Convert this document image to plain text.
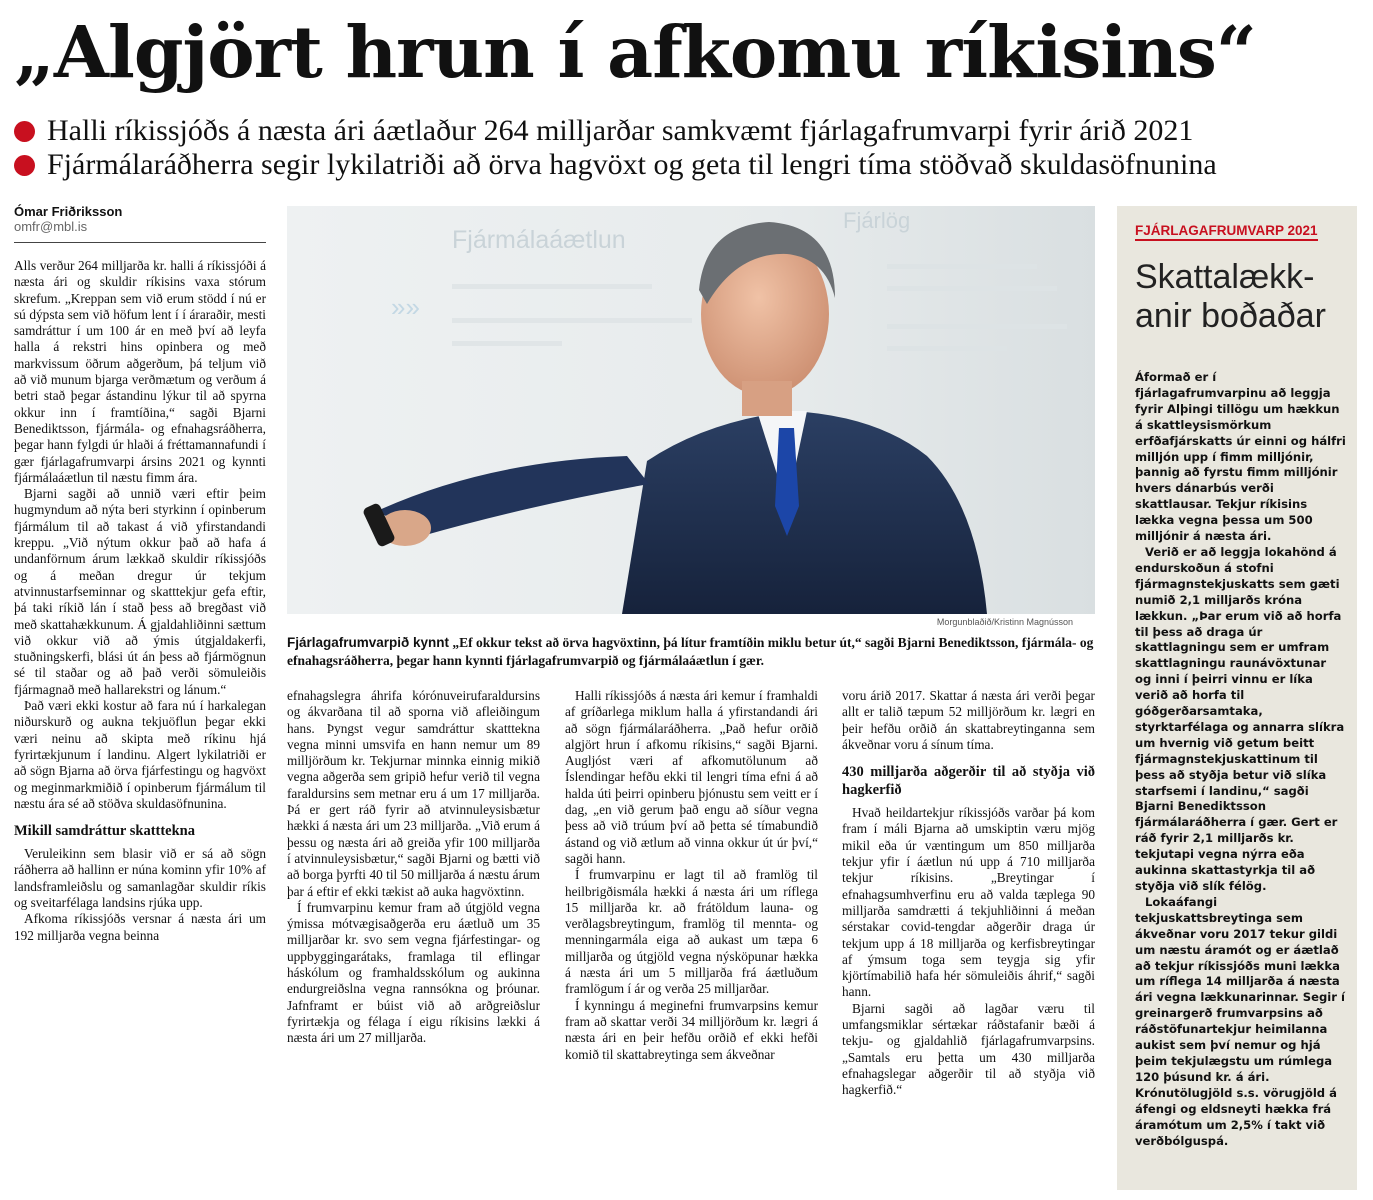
„Algjört hrun í afkomu ríkisins“
Halli ríkissjóðs á næsta ári áætlaður 264 milljarðar samkvæmt fjárlagafrumvarpi fyrir árið 2021
Fjármálaráðherra segir lykilatriði að örva hagvöxt og geta til lengri tíma stöðvað skuldasöfnunina
Ómar Friðriksson
omfr@mbl.is

Alls verður 264 milljarða kr. halli á ríkissjóði á næsta ári og skuldir ríkisins vaxa stórum skrefum. „Kreppan sem við erum stödd í nú er sú dýpsta sem við höfum lent í í áraraðir, mesti samdráttur í um 100 ár en með því að leyfa halla á rekstri hins opinbera og með markvissum öðrum aðgerðum, þá teljum við að við munum bjarga verðmætum og verðum á betri stað þegar ástandinu lýkur til að spyrna okkur inn í framtíðina,“ sagði Bjarni Benediktsson, fjármála- og efnahagsráðherra, þegar hann fylgdi úr hlaði á fréttamannafundi í gær fjárlagafrumvarpi ársins 2021 og kynnti fjármálaáætlun til næstu fimm ára.

Bjarni sagði að unnið væri eftir þeim hugmyndum að nýta beri styrkinn í opinberum fjármálum til að takast á við yfirstandandi kreppu. „Við nýtum okkur það að hafa á undanförnum árum lækkað skuldir ríkissjóðs og á meðan dregur úr tekjum atvinnustarfseminnar og skatttekjur gefa eftir, þá taki ríkið lán í stað þess að bregðast við með skattahækkunum. Á gjaldahliðinni sættum við okkur við að ýmis útgjaldakerfi, stuðningskerfi, blási út án þess að fjármögnun sé til staðar og að það verði sömuleiðis fjármagnað með hallarekstri og lánum.“

Það væri ekki kostur að fara nú í harkalegan niðurskurð og aukna tekjuöflun þegar ekki væri neinu að skipta með ríkinu hjá fyrirtækjunum í landinu. Algert lykilatriði er að sögn Bjarna að örva fjárfestingu og hagvöxt og meginmarkmiðið í opinberum fjármálum til næstu ára sé að stöðva skuldasöfnunina.

Mikill samdráttur skatttekna

Veruleikinn sem blasir við er sá að sögn ráðherra að hallinn er núna kominn yfir 10% af landsframleiðslu og samanlagðar skuldir ríkis og sveitarfélaga landsins rjúka upp.

Afkoma ríkissjóðs versnar á næsta ári um 192 milljarða vegna beinna

Fjármálaáætlun
Fjárlög
»»
Morgunblaðið/Kristinn Magnússon
Fjárlagafrumvarpið kynnt „Ef okkur tekst að örva hagvöxtinn, þá lítur framtíðin miklu betur út,“ sagði Bjarni Benediktsson, fjármála- og efnahagsráðherra, þegar hann kynnti fjárlagafrumvarpið og fjármálaáætlun í gær.

efnahagslegra áhrifa kórónuveirufaraldursins og ákvarðana til að sporna við afleiðingum hans. Þyngst vegur samdráttur skatttekna vegna minni umsvifa en hann nemur um 89 milljörðum kr. Tekjurnar minnka einnig mikið vegna aðgerða sem gripið hefur verið til vegna faraldursins sem metnar eru á um 17 milljarða. Þá er gert ráð fyrir að atvinnuleysisbætur hækki á næsta ári um 23 milljarða. „Við erum á þessu og næsta ári að greiða yfir 100 milljarða í atvinnuleysisbætur,“ sagði Bjarni og bætti við að borga þyrfti 40 til 50 milljarða á næstu árum þar á eftir ef ekki tækist að auka hagvöxtinn.

Í frumvarpinu kemur fram að útgjöld vegna ýmissa mótvægisaðgerða eru áætluð um 35 milljarðar kr. svo sem vegna fjárfestingar- og uppbyggingarátaks, framlaga til eflingar háskólum og framhaldsskólum og aukinna endurgreiðslna vegna rannsókna og þróunar. Jafnframt er búist við að arðgreiðslur fyrirtækja og félaga í eigu ríkisins lækki á næsta ári um 27 milljarða.

Halli ríkissjóðs á næsta ári kemur í framhaldi af gríðarlega miklum halla á yfirstandandi ári að sögn fjármálaráðherra. „Það hefur orðið algjört hrun í afkomu ríkisins,“ sagði Bjarni. Augljóst væri af afkomutölunum að Íslendingar hefðu ekki til lengri tíma efni á að halda úti þeirri opinberu þjónustu sem veitt er í dag, „en við gerum það engu að síður vegna þess að við trúum því að þetta sé tímabundið ástand og við ætlum að vinna okkur út úr því,“ sagði hann.

Í frumvarpinu er lagt til að framlög til heilbrigðismála hækki á næsta ári um ríflega 15 milljarða kr. að frátöldum launa- og verðlagsbreytingum, framlög til mennta- og menningarmála eiga að aukast um tæpa 6 milljarða og útgjöld vegna nýsköpunar hækka á næsta ári um 5 milljarða frá áætluðum framlögum í ár og verða 25 milljarðar.

Í kynningu á meginefni frumvarpsins kemur fram að skattar verði 34 milljörðum kr. lægri á næsta ári en þeir hefðu orðið ef ekki hefði komið til skattabreytinga sem ákveðnar

voru árið 2017. Skattar á næsta ári verði þegar allt er talið tæpum 52 milljörðum kr. lægri en þeir hefðu orðið án skattabreytinganna sem ákveðnar voru á sínum tíma.

430 milljarða aðgerðir til að styðja við hagkerfið

Hvað heildartekjur ríkissjóðs varðar þá kom fram í máli Bjarna að umskiptin væru mjög mikil eða úr væntingum um 850 milljarða tekjur yfir í áætlun nú upp á 710 milljarða tekjur ríkisins. „Breytingar í efnahagsumhverfinu eru að valda tæplega 90 milljarða samdrætti á tekjuhliðinni á meðan sérstakar covid-tengdar aðgerðir draga úr tekjum upp á 18 milljarða og kerfisbreytingar af ýmsum toga sem teygja sig yfir kjörtímabilið hafa hér sömuleiðis áhrif,“ sagði hann.

Bjarni sagði að lagðar væru til umfangsmiklar sértækar ráðstafanir bæði á tekju- og gjaldahlið fjárlagafrumvarpsins. „Samtals eru þetta um 430 milljarða efnahagslegar aðgerðir til að styðja við hagkerfið.“

FJÁRLAGAFRUMVARP 2021
Skattalækk-anir boðaðar

Áformað er í fjárlagafrumvarpinu að leggja fyrir Alþingi tillögu um hækkun á skattleysismörkum erfðafjárskatts úr einni og hálfri milljón upp í fimm milljónir, þannig að fyrstu fimm milljónir hvers dánarbús verði skattlausar. Tekjur ríkisins lækka vegna þessa um 500 milljónir á næsta ári.

Verið er að leggja lokahönd á endurskoðun á stofni fjármagnstekjuskatts sem gæti numið 2,1 milljarðs króna lækkun. „Þar erum við að horfa til þess að draga úr skattlagningu sem er umfram skattlagningu raunávöxtunar og inni í þeirri vinnu er líka verið að horfa til góðgerðarsamtaka, styrktarfélaga og annarra slíkra um hvernig við getum beitt fjármagnstekjuskattinum til þess að styðja betur við slíka starfsemi í landinu,“ sagði Bjarni Benediktsson fjármálaráðherra í gær. Gert er ráð fyrir 2,1 milljarðs kr. tekjutapi vegna nýrra eða aukinna skattastyrkja til að styðja við slík félög.

Lokaáfangi tekjuskattsbreytinga sem ákveðnar voru 2017 tekur gildi um næstu áramót og er áætlað að tekjur ríkissjóðs muni lækka um ríflega 14 milljarða á næsta ári vegna lækkunarinnar. Segir í greinargerð frumvarpsins að ráðstöfunartekjur heimilanna aukist sem því nemur og hjá þeim tekjulægstu um rúmlega 120 þúsund kr. á ári. Krónutölugjöld s.s. vörugjöld á áfengi og eldsneyti hækka frá áramótum um 2,5% í takt við verðbólguspá.
